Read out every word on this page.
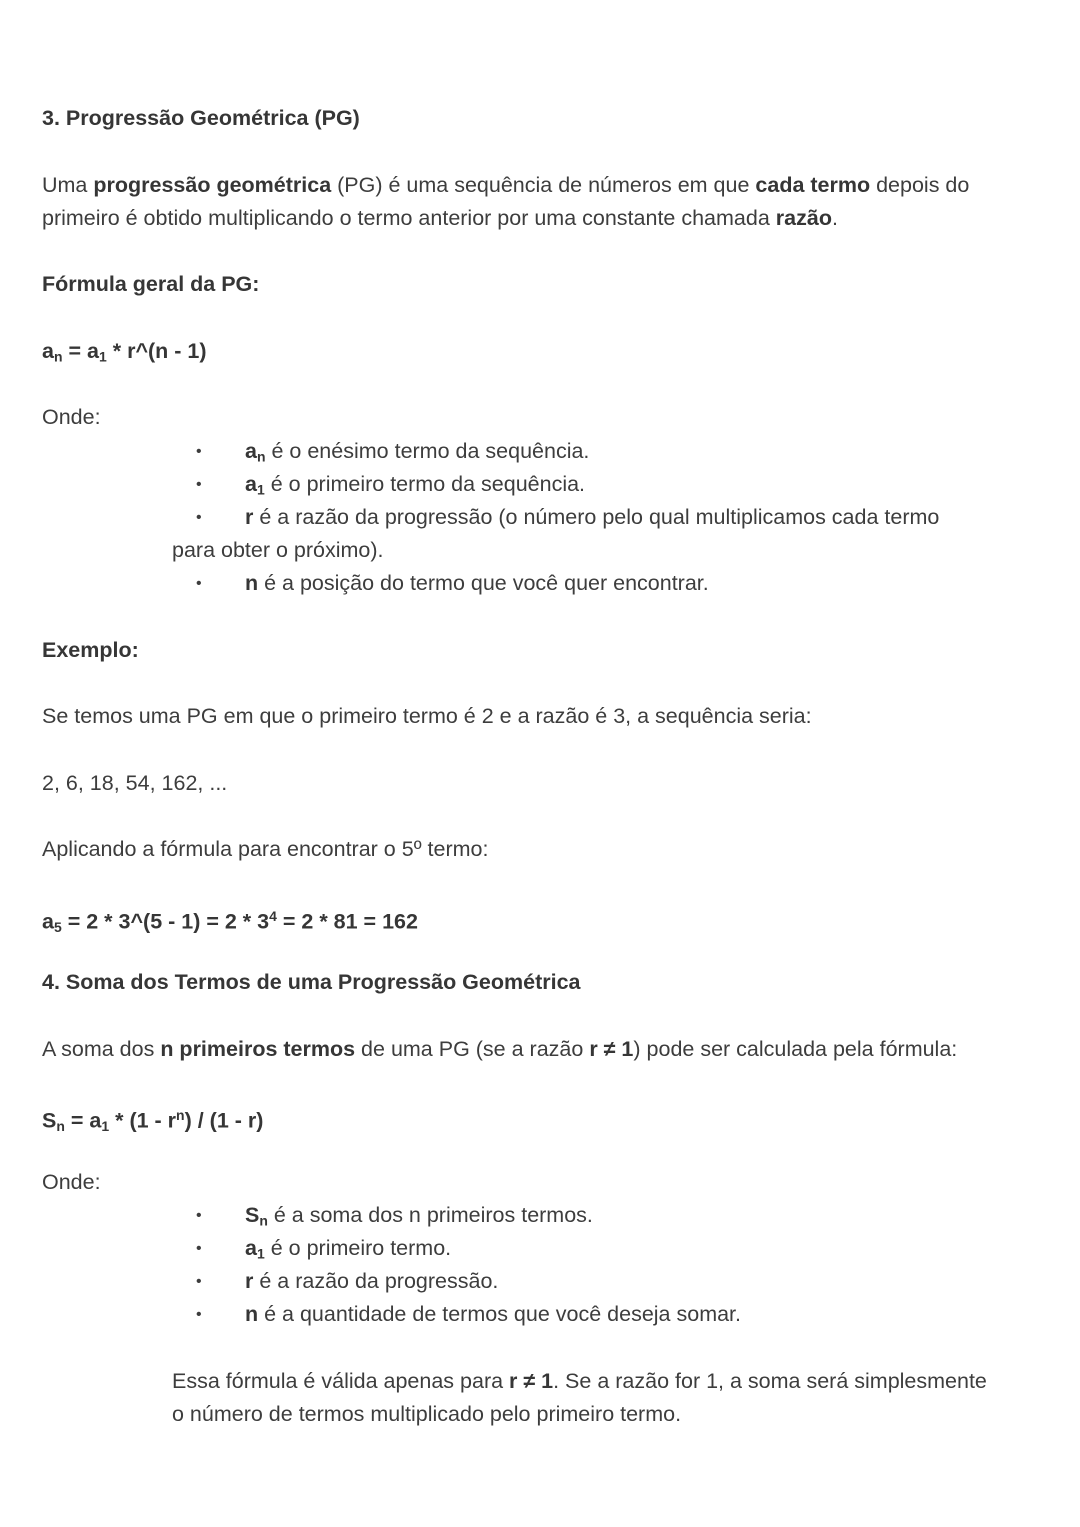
3. Progressão Geométrica (PG)
Uma progressão geométrica (PG) é uma sequência de números em que cada termo depois do
primeiro é obtido multiplicando o termo anterior por uma constante chamada razão.
Fórmula geral da PG:
$a_n = a_1$ * r^(n - 1)
Onde:
• $a_n$ é o enésimo termo da sequência.
• $a_1$ é o primeiro termo da sequência.
• r é a razão da progressão (o número pelo qual multiplicamos cada termo
para obter o próximo).
• n é a posição do termo que você quer encontrar.
Exemplo:
Se temos uma PG em que o primeiro termo é 2 e a razão é 3, a sequência seria:
2, 6, 18, 54, 162, ...
Aplicando a fórmula para encontrar o 5º termo:
$a_5 = 2$ * 3^(5 - $1) = 2 * 3^4 = 2 * 81 = 162$
4. Soma dos Termos de uma Progressão Geométrica
A soma dos n primeiros termos de uma PG (se a razão r ≠ 1) pode ser calculada pela fórmula:
$S_n = a_1 * (1 - r^n) / (1 - r)$
Onde:
• $S_n$ é a soma dos n primeiros termos.
• $a_1$ é o primeiro termo.
• r é a razão da progressão.
• n é a quantidade de termos que você deseja somar.
Essa fórmula é válida apenas para r ≠ 1. Se a razão for 1, a soma será simplesmente
o número de termos multiplicado pelo primeiro termo.
